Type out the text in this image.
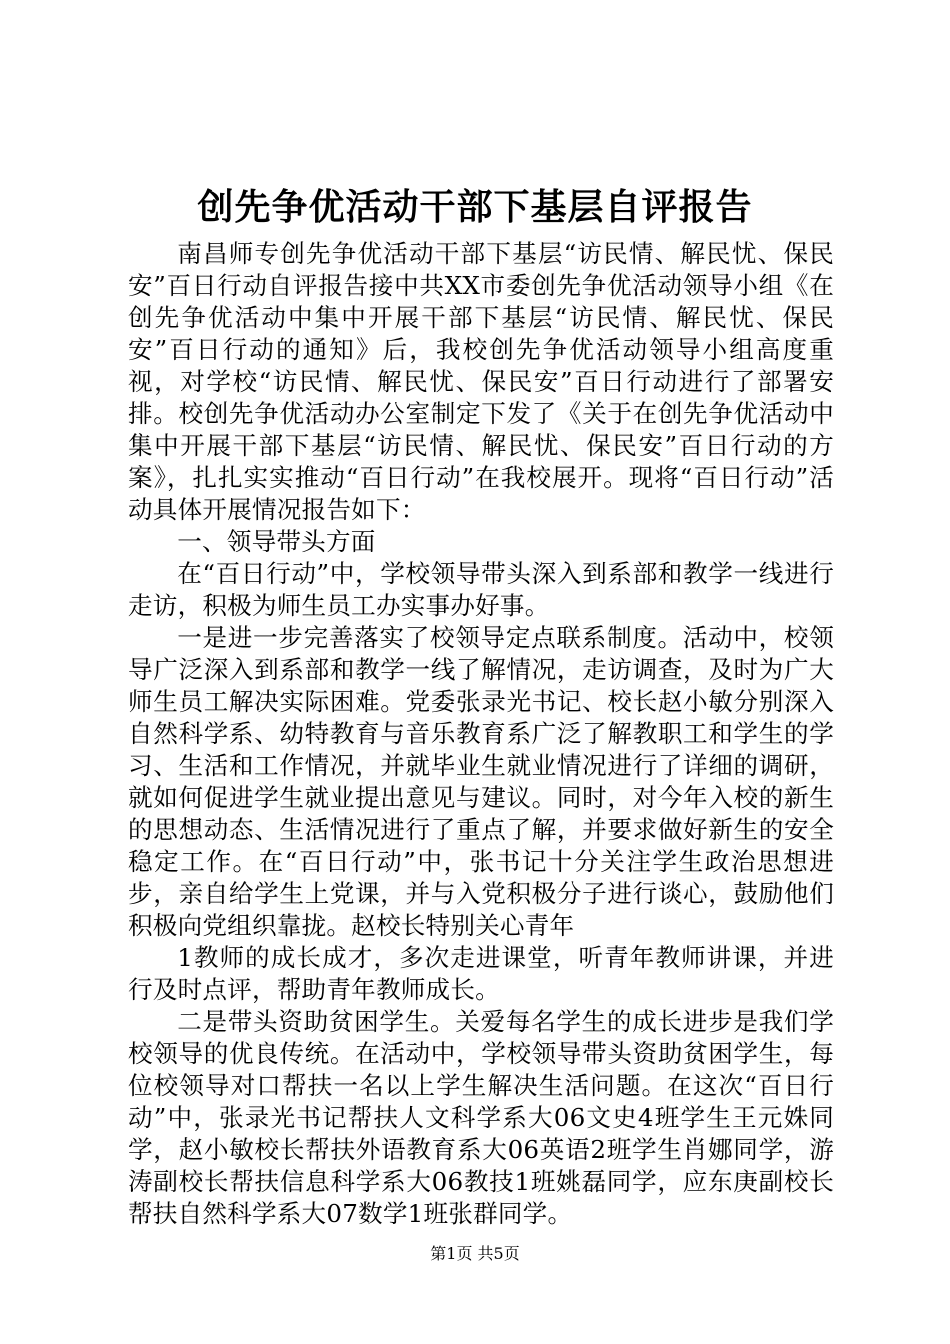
创先争优活动干部下基层自评报告

南昌师专创先争优活动干部下基层“访民情、解民忧、保民安”百日行动自评报告接中共XX市委创先争优活动领导小组《在创先争优活动中集中开展干部下基层“访民情、解民忧、保民安”百日行动的通知》后，我校创先争优活动领导小组高度重视，对学校“访民情、解民忧、保民安”百日行动进行了部署安排。校创先争优活动办公室制定下发了《关于在创先争优活动中集中开展干部下基层“访民情、解民忧、保民安”百日行动的方案》，扎扎实实推动“百日行动”在我校展开。现将“百日行动”活动具体开展情况报告如下：

一、领导带头方面

在“百日行动”中，学校领导带头深入到系部和教学一线进行走访，积极为师生员工办实事办好事。

一是进一步完善落实了校领导定点联系制度。活动中，校领导广泛深入到系部和教学一线了解情况，走访调查，及时为广大师生员工解决实际困难。党委张录光书记、校长赵小敏分别深入自然科学系、幼特教育与音乐教育系广泛了解教职工和学生的学习、生活和工作情况，并就毕业生就业情况进行了详细的调研，就如何促进学生就业提出意见与建议。同时，对今年入校的新生的思想动态、生活情况进行了重点了解，并要求做好新生的安全稳定工作。在“百日行动”中，张书记十分关注学生政治思想进步，亲自给学生上党课，并与入党积极分子进行谈心，鼓励他们积极向党组织靠拢。赵校长特别关心青年

1教师的成长成才，多次走进课堂，听青年教师讲课，并进行及时点评，帮助青年教师成长。

二是带头资助贫困学生。关爱每名学生的成长进步是我们学校领导的优良传统。在活动中，学校领导带头资助贫困学生，每位校领导对口帮扶一名以上学生解决生活问题。在这次“百日行动”中，张录光书记帮扶人文科学系大06文史4班学生王元姝同学，赵小敏校长帮扶外语教育系大06英语2班学生肖娜同学，游涛副校长帮扶信息科学系大06教技1班姚磊同学，应东庚副校长帮扶自然科学系大07数学1班张群同学。

第1页 共5页
